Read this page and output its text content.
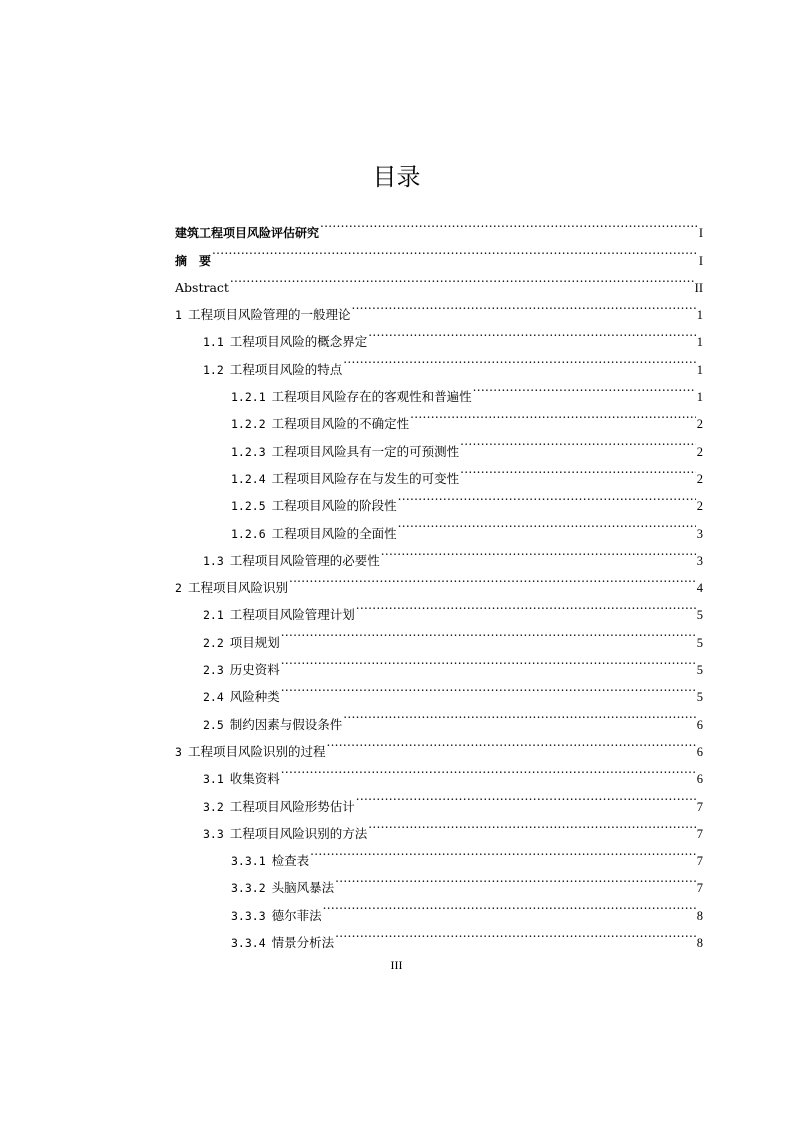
目录
建筑工程项目风险评估研究 .....	I
摘　要 .....	I
Abstract .....	II
1 工程项目风险管理的一般理论 .....	1
1.1 工程项目风险的概念界定 .....	1
1.2 工程项目风险的特点 .....	1
1.2.1 工程项目风险存在的客观性和普遍性 .....	1
1.2.2 工程项目风险的不确定性 .....	2
1.2.3 工程项目风险具有一定的可预测性 .....	2
1.2.4 工程项目风险存在与发生的可变性 .....	2
1.2.5 工程项目风险的阶段性 .....	2
1.2.6 工程项目风险的全面性 .....	3
1.3 工程项目风险管理的必要性 .....	3
2 工程项目风险识别 .....	4
2.1 工程项目风险管理计划 .....	5
2.2 项目规划 .....	5
2.3 历史资料 .....	5
2.4 风险种类 .....	5
2.5 制约因素与假设条件 .....	6
3 工程项目风险识别的过程 .....	6
3.1 收集资料 .....	6
3.2 工程项目风险形势估计 .....	7
3.3 工程项目风险识别的方法 .....	7
3.3.1 检查表 .....	7
3.3.2 头脑风暴法 .....	7
3.3.3 德尔菲法 .....	8
3.3.4 情景分析法 .....	8
III
